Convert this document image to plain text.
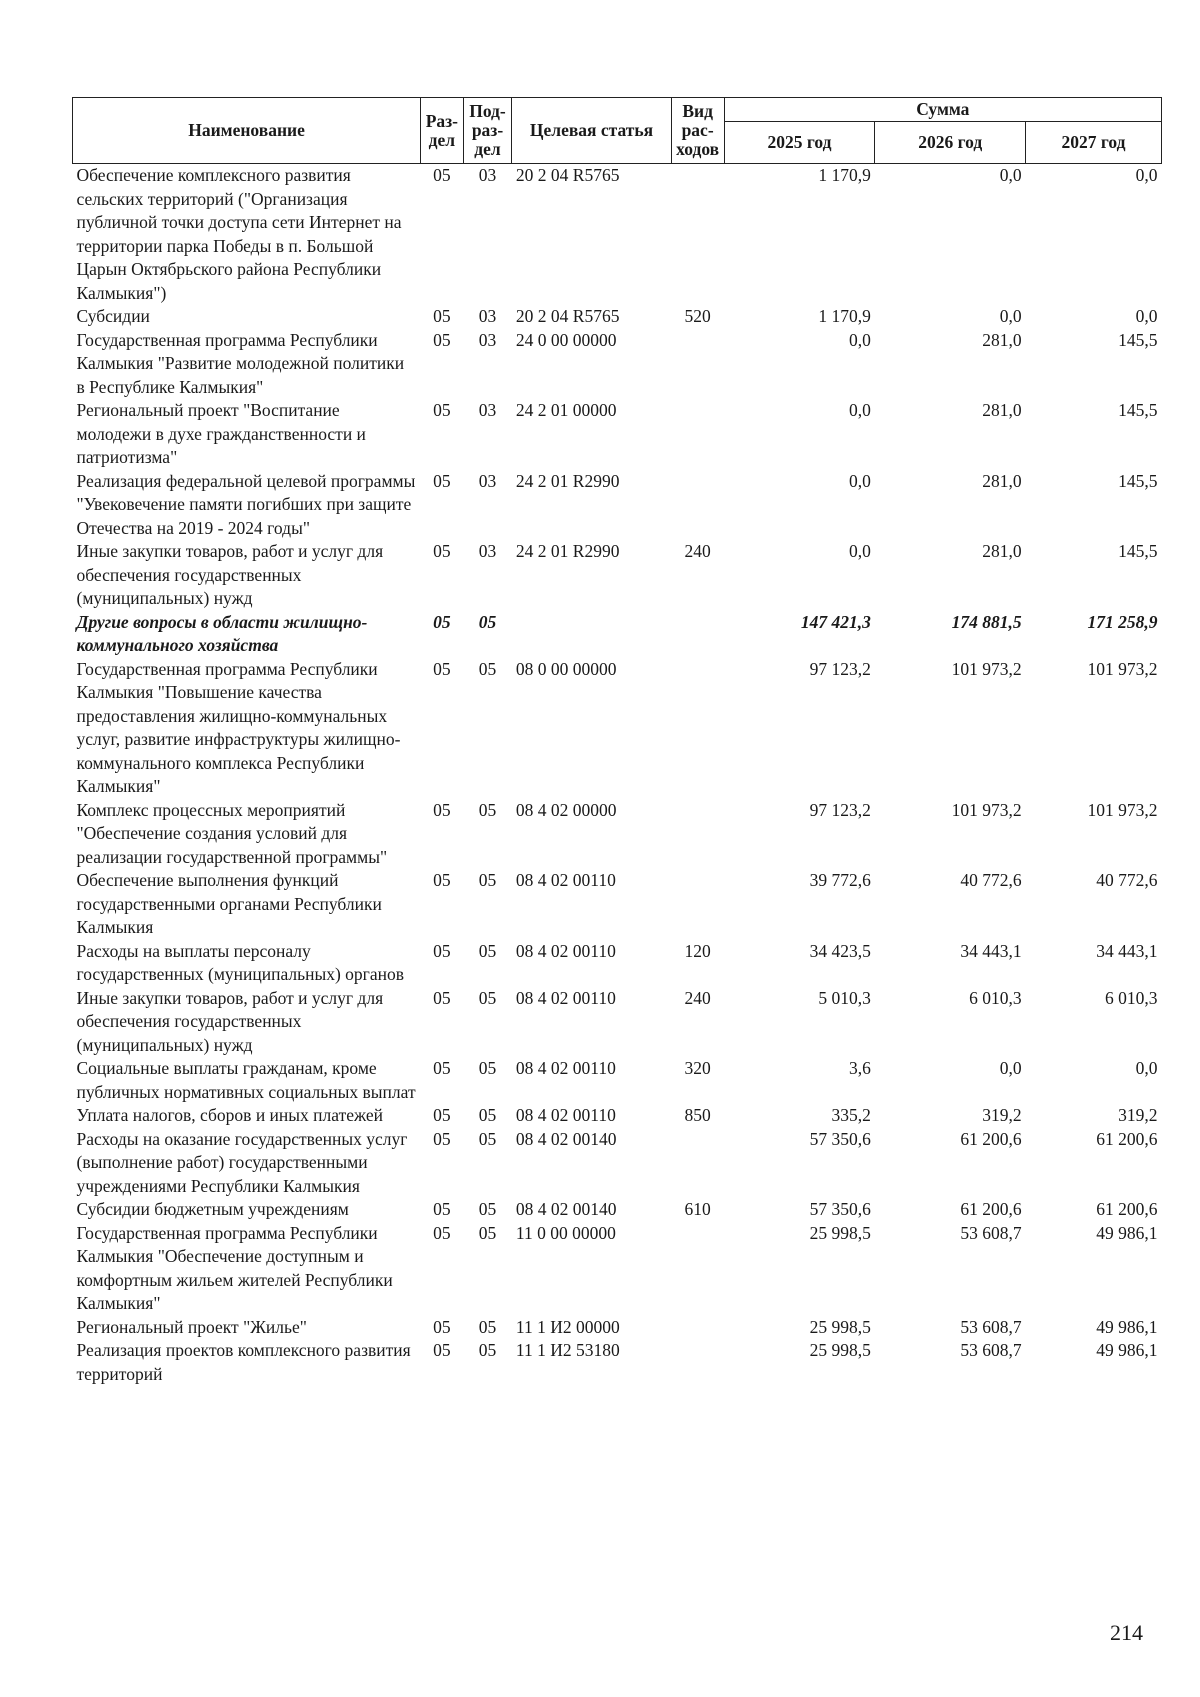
Наименование	Раз-дел	Под-раз-дел	Целевая статья	Вид рас-ходов	Сумма		
					2025 год	2026 год	2027 год
Обеспечение комплексного развития сельских территорий ("Организация публичной точки доступа сети Интернет на территории парка Победы в п. Большой Царын Октябрьского района Республики Калмыкия")	05	03	20 2 04 R5765		1 170,9	0,0	0,0
Субсидии	05	03	20 2 04 R5765	520	1 170,9	0,0	0,0
Государственная программа Республики Калмыкия "Развитие молодежной политики в Республике Калмыкия"	05	03	24 0 00 00000		0,0	281,0	145,5
Региональный проект "Воспитание молодежи в духе гражданственности и патриотизма"	05	03	24 2 01 00000		0,0	281,0	145,5
Реализация федеральной целевой программы "Увековечение памяти погибших при защите Отечества на 2019 - 2024 годы"	05	03	24 2 01 R2990		0,0	281,0	145,5
Иные закупки товаров, работ и услуг для обеспечения государственных (муниципальных) нужд	05	03	24 2 01 R2990	240	0,0	281,0	145,5
Другие вопросы в области жилищно-коммунального хозяйства	05	05			147 421,3	174 881,5	171 258,9
Государственная программа Республики Калмыкия "Повышение качества предоставления жилищно-коммунальных услуг, развитие инфраструктуры жилищно-коммунального комплекса Республики Калмыкия"	05	05	08 0 00 00000		97 123,2	101 973,2	101 973,2
Комплекс процессных мероприятий "Обеспечение создания условий для реализации государственной программы"	05	05	08 4 02 00000		97 123,2	101 973,2	101 973,2
Обеспечение выполнения функций государственными органами Республики Калмыкия	05	05	08 4 02 00110		39 772,6	40 772,6	40 772,6
Расходы на выплаты персоналу государственных (муниципальных) органов	05	05	08 4 02 00110	120	34 423,5	34 443,1	34 443,1
Иные закупки товаров, работ и услуг для обеспечения государственных (муниципальных) нужд	05	05	08 4 02 00110	240	5 010,3	6 010,3	6 010,3
Социальные выплаты гражданам, кроме публичных нормативных социальных выплат	05	05	08 4 02 00110	320	3,6	0,0	0,0
Уплата налогов, сборов и иных платежей	05	05	08 4 02 00110	850	335,2	319,2	319,2
Расходы на оказание государственных услуг (выполнение работ) государственными учреждениями Республики Калмыкия	05	05	08 4 02 00140		57 350,6	61 200,6	61 200,6
Субсидии бюджетным учреждениям	05	05	08 4 02 00140	610	57 350,6	61 200,6	61 200,6
Государственная программа Республики Калмыкия "Обеспечение доступным и комфортным жильем жителей Республики Калмыкия"	05	05	11 0 00 00000		25 998,5	53 608,7	49 986,1
Региональный проект "Жилье"	05	05	11 1 И2 00000		25 998,5	53 608,7	49 986,1
Реализация проектов комплексного развития территорий	05	05	11 1 И2 53180		25 998,5	53 608,7	49 986,1
214
